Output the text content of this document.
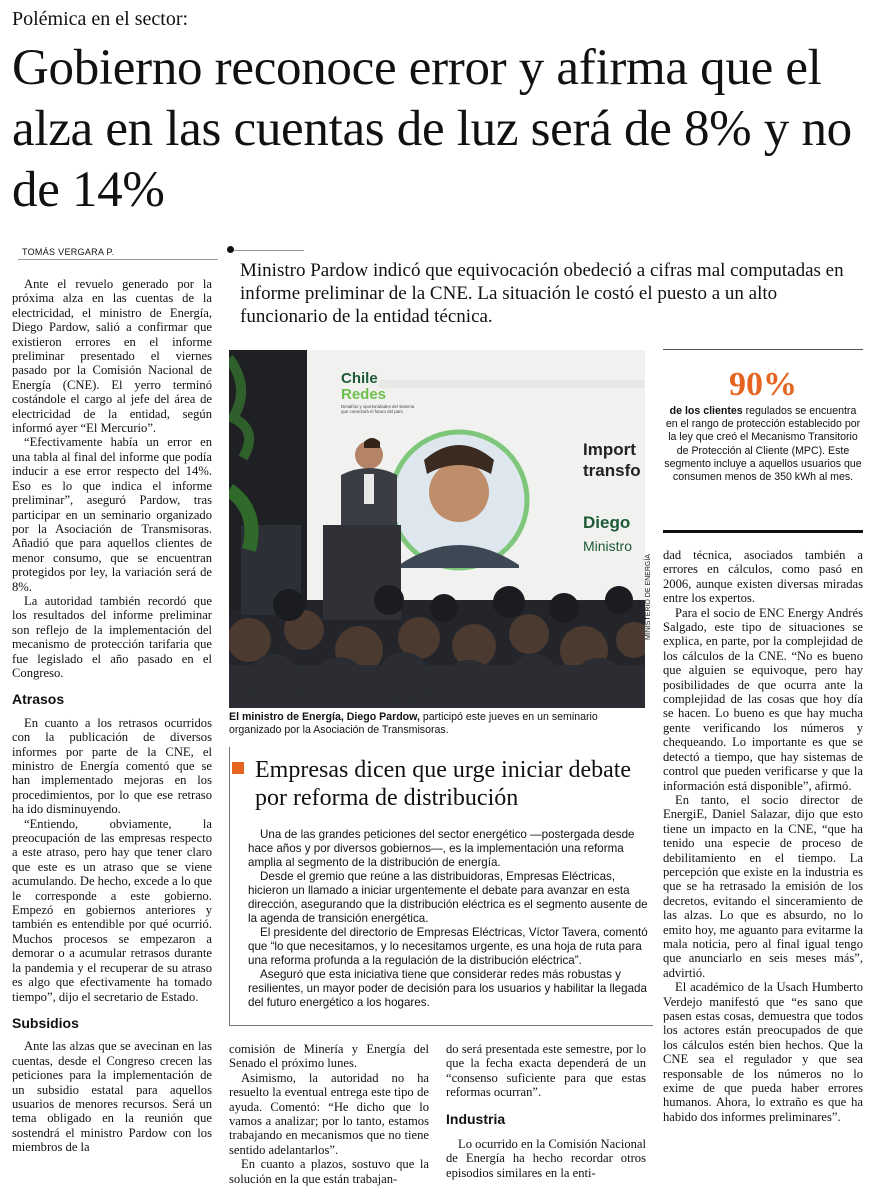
Polémica en el sector:
Gobierno reconoce error y afirma que el alza en las cuentas de luz será de 8% y no de 14%
TOMÁS VERGARA P.
Ministro Pardow indicó que equivocación obedeció a cifras mal computadas en informe preliminar de la CNE. La situación le costó el puesto a un alto funcionario de la entidad técnica.

Ante el revuelo generado por la próxima alza en las cuentas de la electricidad, el ministro de Energía, Diego Pardow, salió a confirmar que existieron errores en el informe preliminar presentado el viernes pasado por la Comisión Nacional de Energía (CNE). El yerro terminó costándole el cargo al jefe del área de electricidad de la entidad, según informó ayer “El Mercurio”.

“Efectivamente había un error en una tabla al final del informe que podía inducir a ese error respecto del 14%. Eso es lo que indica el informe preliminar”, aseguró Pardow, tras participar en un seminario organizado por la Asociación de Transmisoras. Añadió que para aquellos clientes de menor consumo, que se encuentran protegidos por ley, la variación será de 8%.

La autoridad también recordó que los resultados del informe preliminar son reflejo de la implementación del mecanismo de protección tarifaria que fue legislado el año pasado en el Congreso.

Atrasos

En cuanto a los retrasos ocurridos con la publicación de diversos informes por parte de la CNE, el ministro de Energía comentó que se han implementado mejoras en los procedimientos, por lo que ese retraso ha ido disminuyendo.

“Entiendo, obviamente, la preocupación de las empresas respecto a este atraso, pero hay que tener claro que este es un atraso que se viene acumulando. De hecho, excede a lo que le corresponde a este gobierno. Empezó en gobiernos anteriores y también es entendible por qué ocurrió. Muchos procesos se empezaron a demorar o a acumular retrasos durante la pandemia y el recuperar de su atraso es algo que efectivamente ha tomado tiempo”, dijo el secretario de Estado.

Subsidios

Ante las alzas que se avecinan en las cuentas, desde el Congreso crecen las peticiones para la implementación de un subsidio estatal para aquellos usuarios de menores recursos. Será un tema obligado en la reunión que sostendrá el ministro Pardow con los miembros de la

Chile
Redes
Desafíos y oportunidades del sistema que conectará el futuro del país.
Import
transfo
Diego
Ministro
MINISTERIO DE ENERGÍA
El ministro de Energía, Diego Pardow, participó este jueves en un seminario organizado por la Asociación de Transmisoras.
90%
de los clientes regulados se encuentra en el rango de protección establecido por la ley que creó el Mecanismo Transitorio de Protección al Cliente (MPC). Este segmento incluye a aquellos usuarios que consumen menos de 350 kWh al mes.
Empresas dicen que urge iniciar debate por reforma de distribución

Una de las grandes peticiones del sector energético —postergada desde hace años y por diversos gobiernos—, es la implementación una reforma amplia al segmento de la distribución de energía.

Desde el gremio que reúne a las distribuidoras, Empresas Eléctricas, hicieron un llamado a iniciar urgentemente el debate para avanzar en esta dirección, asegurando que la distribución eléctrica es el segmento ausente de la agenda de transición energética.

El presidente del directorio de Empresas Eléctricas, Víctor Tavera, comentó que “lo que necesitamos, y lo necesitamos urgente, es una hoja de ruta para una reforma profunda a la regulación de la distribución eléctrica”.

Aseguró que esta iniciativa tiene que considerar redes más robustas y resilientes, un mayor poder de decisión para los usuarios y habilitar la llegada del futuro energético a los hogares.

comisión de Minería y Energía del Senado el próximo lunes.

Asimismo, la autoridad no ha resuelto la eventual entrega este tipo de ayuda. Comentó: “He dicho que lo vamos a analizar; por lo tanto, estamos trabajando en mecanismos que no tiene sentido adelantarlos”.

En cuanto a plazos, sostuvo que la solución en la que están trabajan-

do será presentada este semestre, por lo que la fecha exacta dependerá de un “consenso suficiente para que estas reformas ocurran”.

Industria

Lo ocurrido en la Comisión Nacional de Energía ha hecho recordar otros episodios similares en la enti-

dad técnica, asociados también a errores en cálculos, como pasó en 2006, aunque existen diversas miradas entre los expertos.

Para el socio de ENC Energy Andrés Salgado, este tipo de situaciones se explica, en parte, por la complejidad de los cálculos de la CNE. “No es bueno que alguien se equivoque, pero hay posibilidades de que ocurra ante la complejidad de las cosas que hoy día se hacen. Lo bueno es que hay mucha gente verificando los números y chequeando. Lo importante es que se detectó a tiempo, que hay sistemas de control que pueden verificarse y que la información está disponible”, afirmó.

En tanto, el socio director de EnergiE, Daniel Salazar, dijo que esto tiene un impacto en la CNE, “que ha tenido una especie de proceso de debilitamiento en el tiempo. La percepción que existe en la industria es que se ha retrasado la emisión de los decretos, evitando el sinceramiento de las alzas. Lo que es absurdo, no lo emito hoy, me aguanto para evitarme la mala noticia, pero al final igual tengo que anunciarlo en seis meses más”, advirtió.

El académico de la Usach Humberto Verdejo manifestó que “es sano que pasen estas cosas, demuestra que todos los actores están preocupados de que los cálculos estén bien hechos. Que la CNE sea el regulador y que sea responsable de los números no lo exime de que pueda haber errores humanos. Ahora, lo extraño es que ha habido dos informes preliminares”.
